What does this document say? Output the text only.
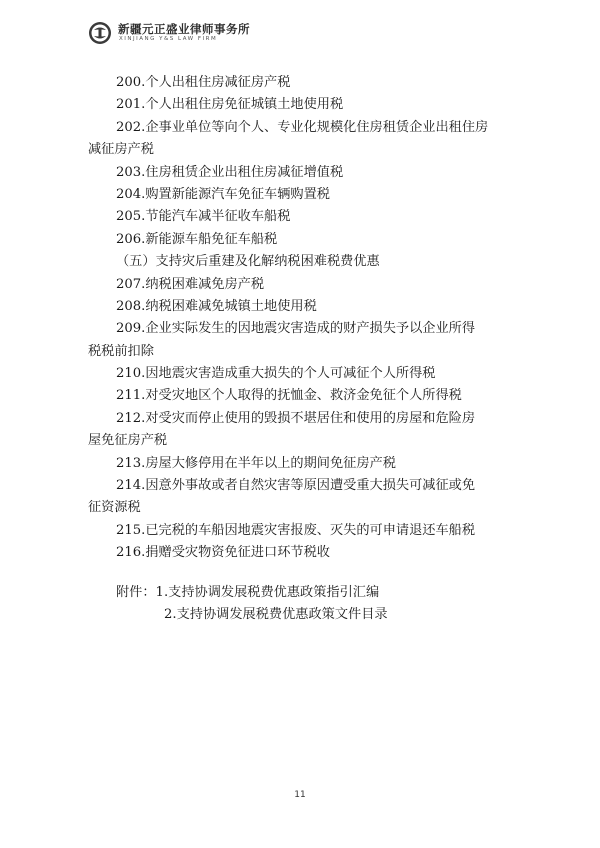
新疆元正盛业律师事务所
XINJIANG Y&S LAW FIRM
200.个人出租住房减征房产税
201.个人出租住房免征城镇土地使用税
202.企事业单位等向个人、专业化规模化住房租赁企业出租住房
减征房产税
203.住房租赁企业出租住房减征增值税
204.购置新能源汽车免征车辆购置税
205.节能汽车减半征收车船税
206.新能源车船免征车船税
（五）支持灾后重建及化解纳税困难税费优惠
207.纳税困难减免房产税
208.纳税困难减免城镇土地使用税
209.企业实际发生的因地震灾害造成的财产损失予以企业所得
税税前扣除
210.因地震灾害造成重大损失的个人可减征个人所得税
211.对受灾地区个人取得的抚恤金、救济金免征个人所得税
212.对受灾而停止使用的毁损不堪居住和使用的房屋和危险房
屋免征房产税
213.房屋大修停用在半年以上的期间免征房产税
214.因意外事故或者自然灾害等原因遭受重大损失可减征或免
征资源税
215.已完税的车船因地震灾害报废、灭失的可申请退还车船税
216.捐赠受灾物资免征进口环节税收
附件：1.支持协调发展税费优惠政策指引汇编
2.支持协调发展税费优惠政策文件目录
11
